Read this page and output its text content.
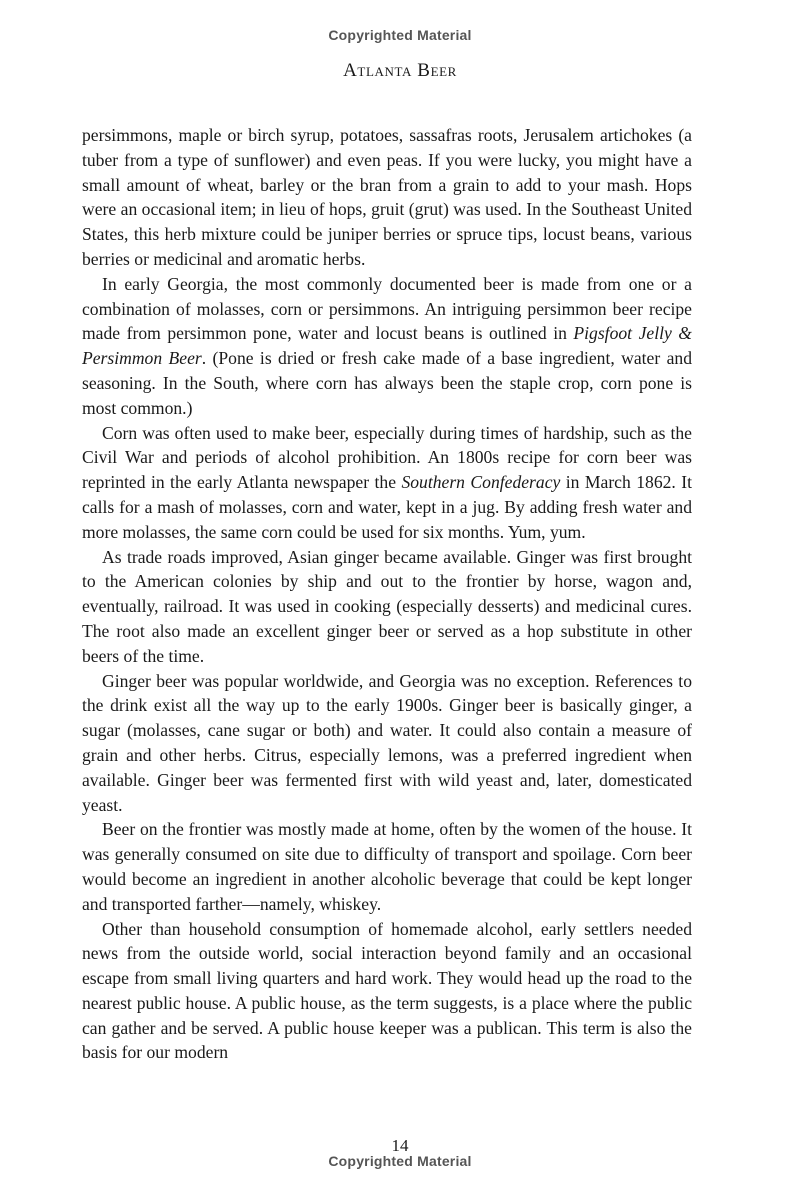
Copyrighted Material
Atlanta Beer

persimmons, maple or birch syrup, potatoes, sassafras roots, Jerusalem artichokes (a tuber from a type of sunflower) and even peas. If you were lucky, you might have a small amount of wheat, barley or the bran from a grain to add to your mash. Hops were an occasional item; in lieu of hops, gruit (grut) was used. In the Southeast United States, this herb mixture could be juniper berries or spruce tips, locust beans, various berries or medicinal and aromatic herbs.

In early Georgia, the most commonly documented beer is made from one or a combination of molasses, corn or persimmons. An intriguing persimmon beer recipe made from persimmon pone, water and locust beans is outlined in Pigsfoot Jelly & Persimmon Beer. (Pone is dried or fresh cake made of a base ingredient, water and seasoning. In the South, where corn has always been the staple crop, corn pone is most common.)

Corn was often used to make beer, especially during times of hardship, such as the Civil War and periods of alcohol prohibition. An 1800s recipe for corn beer was reprinted in the early Atlanta newspaper the Southern Confederacy in March 1862. It calls for a mash of molasses, corn and water, kept in a jug. By adding fresh water and more molasses, the same corn could be used for six months. Yum, yum.

As trade roads improved, Asian ginger became available. Ginger was first brought to the American colonies by ship and out to the frontier by horse, wagon and, eventually, railroad. It was used in cooking (especially desserts) and medicinal cures. The root also made an excellent ginger beer or served as a hop substitute in other beers of the time.

Ginger beer was popular worldwide, and Georgia was no exception. References to the drink exist all the way up to the early 1900s. Ginger beer is basically ginger, a sugar (molasses, cane sugar or both) and water. It could also contain a measure of grain and other herbs. Citrus, especially lemons, was a preferred ingredient when available. Ginger beer was fermented first with wild yeast and, later, domesticated yeast.

Beer on the frontier was mostly made at home, often by the women of the house. It was generally consumed on site due to difficulty of transport and spoilage. Corn beer would become an ingredient in another alcoholic beverage that could be kept longer and transported farther—namely, whiskey.

Other than household consumption of homemade alcohol, early settlers needed news from the outside world, social interaction beyond family and an occasional escape from small living quarters and hard work. They would head up the road to the nearest public house. A public house, as the term suggests, is a place where the public can gather and be served. A public house keeper was a publican. This term is also the basis for our modern

14
Copyrighted Material
